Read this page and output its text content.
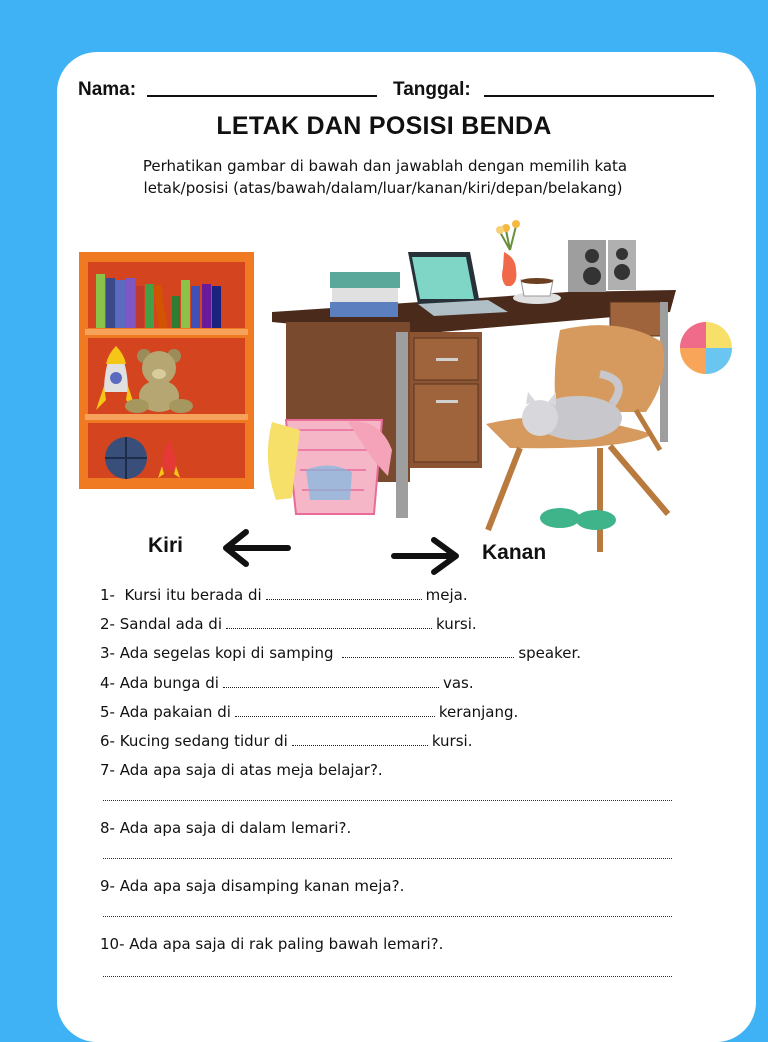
Nama:	Tanggal:
LETAK DAN POSISI BENDA
Perhatikan gambar di bawah dan jawablah dengan memilih kata
letak/posisi (atas/bawah/dalam/luar/kanan/kiri/depan/belakang)
Kiri	Kanan
1- Kursi itu berada di	meja.
2- Sandal ada di	kursi.
3- Ada segelas kopi di samping	speaker.
4- Ada bunga di	vas.
5- Ada pakaian di	keranjang.
6- Kucing sedang tidur di	kursi.
7- Ada apa saja di atas meja belajar?.
8- Ada apa saja di dalam lemari?.
9- Ada apa saja disamping kanan meja?.
10- Ada apa saja di rak paling bawah lemari?.
